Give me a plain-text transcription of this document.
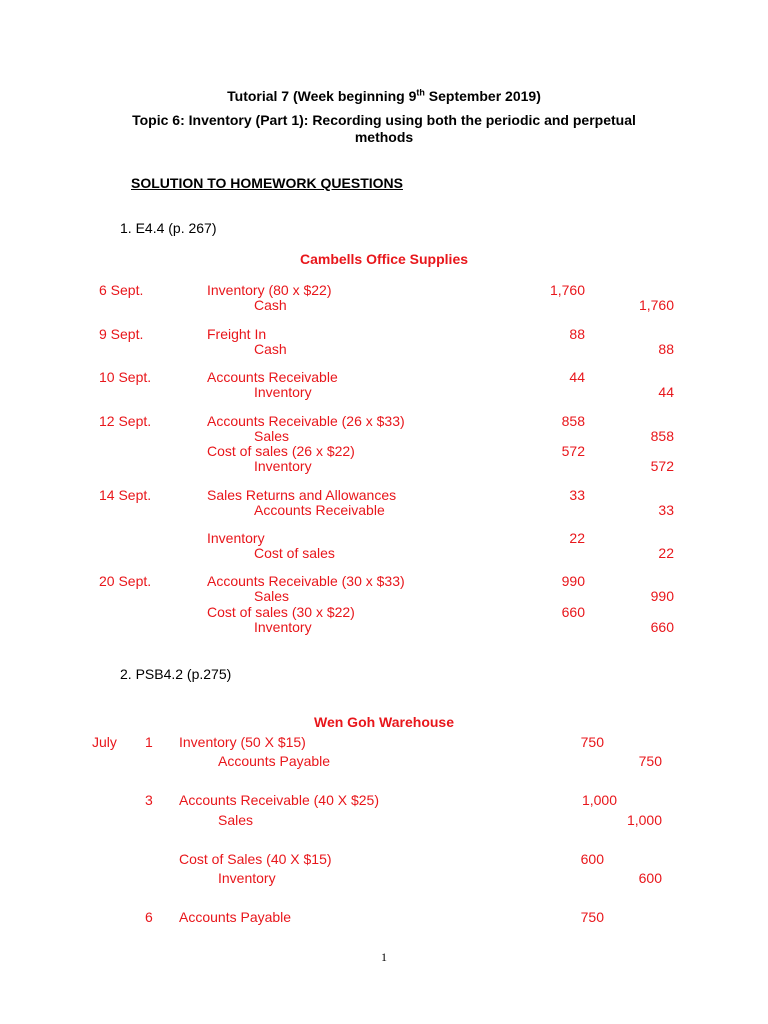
Tutorial 7 (Week beginning 9th September 2019)
Topic 6: Inventory (Part 1): Recording using both the periodic and perpetual
methods
SOLUTION TO HOMEWORK QUESTIONS
1. E4.4 (p. 267)
Cambells Office Supplies
6 Sept.	Inventory (80 x $22)	1,760
Cash	1,760
9 Sept.	Freight In	88
Cash	88
10 Sept.	Accounts Receivable	44
Inventory	44
12 Sept.	Accounts Receivable (26 x $33)	858
Sales	858
Cost of sales (26 x $22)	572
Inventory	572
14 Sept.	Sales Returns and Allowances	33
Accounts Receivable	33
Inventory	22
Cost of sales	22
20 Sept.	Accounts Receivable (30 x $33)	990
Sales	990
Cost of sales (30 x $22)	660
Inventory	660
2. PSB4.2 (p.275)
Wen Goh Warehouse
July 1 Inventory (50 X $15)	750
Accounts Payable	750
3 Accounts Receivable (40 X $25)	1,000
Sales	1,000
Cost of Sales (40 X $15)	600
Inventory	600
6 Accounts Payable	750
1
